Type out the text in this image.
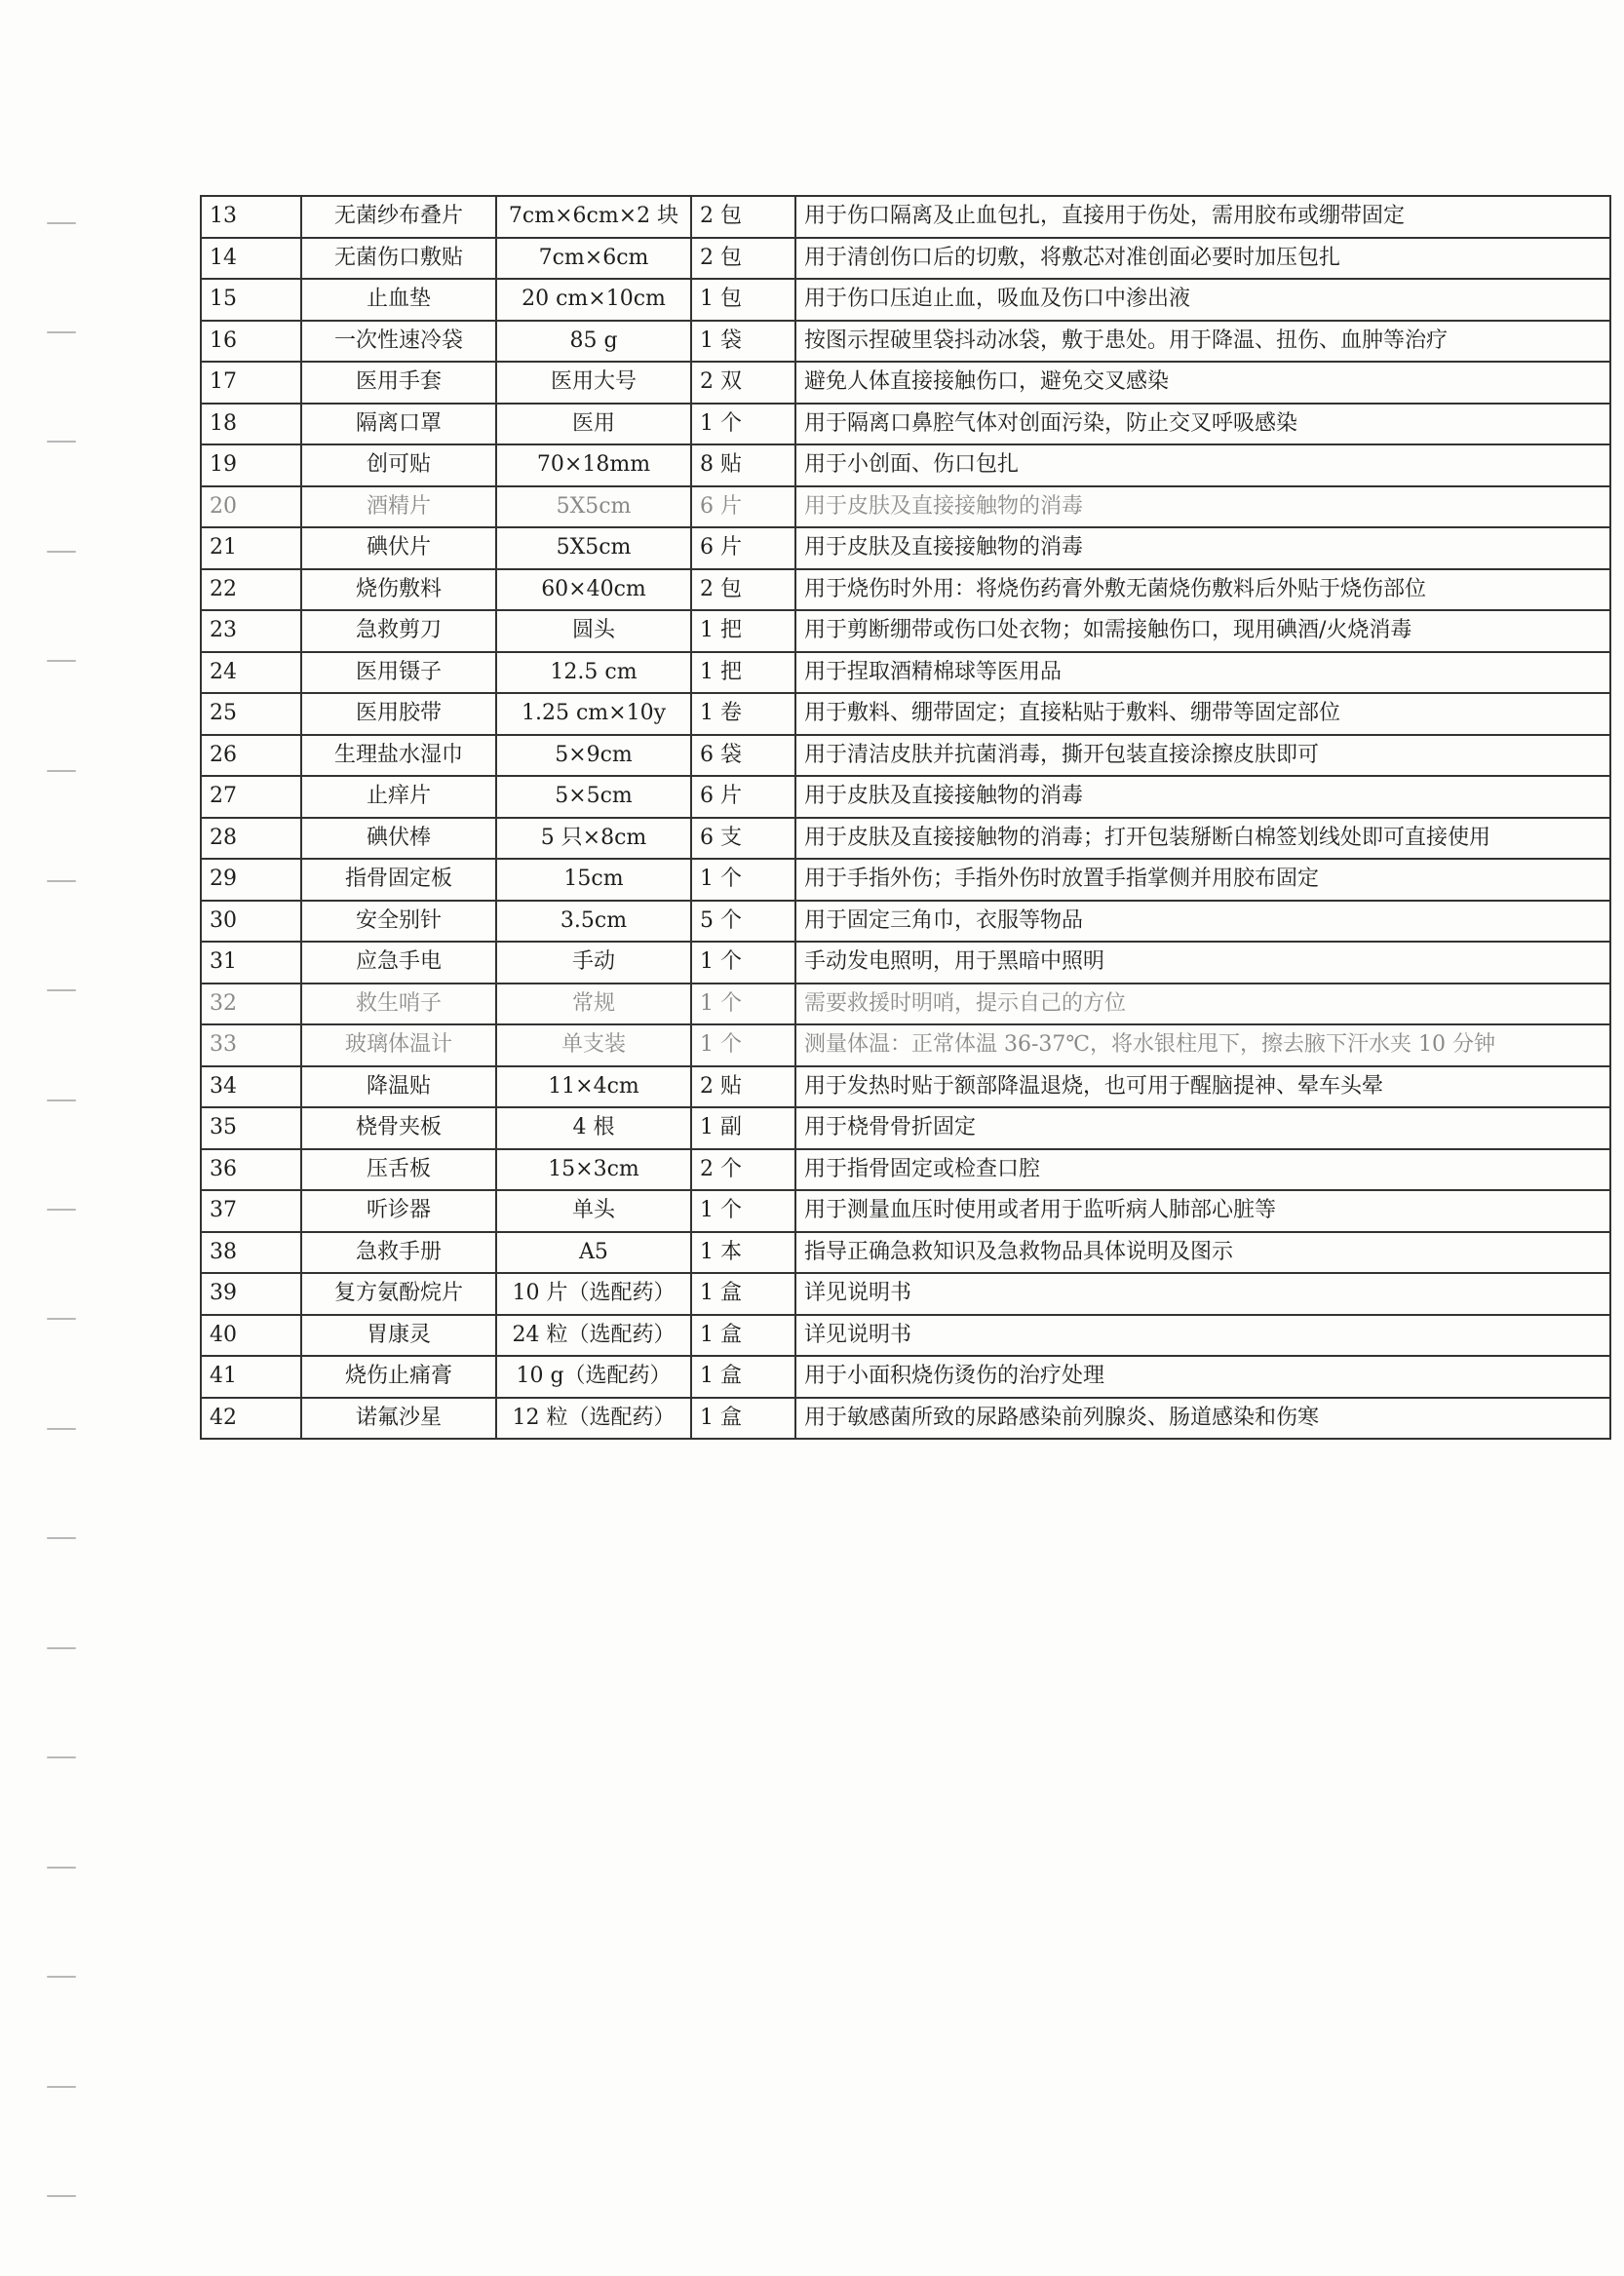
13	无菌纱布叠片	7cm×6cm×2 块	2 包	用于伤口隔离及止血包扎，直接用于伤处，需用胶布或绷带固定
14	无菌伤口敷贴	7cm×6cm	2 包	用于清创伤口后的切敷，将敷芯对准创面必要时加压包扎
15	止血垫	20 cm×10cm	1 包	用于伤口压迫止血，吸血及伤口中渗出液
16	一次性速冷袋	85 g	1 袋	按图示捏破里袋抖动冰袋，敷于患处。用于降温、扭伤、血肿等治疗
17	医用手套	医用大号	2 双	避免人体直接接触伤口，避免交叉感染
18	隔离口罩	医用	1 个	用于隔离口鼻腔气体对创面污染，防止交叉呼吸感染
19	创可贴	70×18mm	8 贴	用于小创面、伤口包扎
20	酒精片	5X5cm	6 片	用于皮肤及直接接触物的消毒
21	碘伏片	5X5cm	6 片	用于皮肤及直接接触物的消毒
22	烧伤敷料	60×40cm	2 包	用于烧伤时外用：将烧伤药膏外敷无菌烧伤敷料后外贴于烧伤部位
23	急救剪刀	圆头	1 把	用于剪断绷带或伤口处衣物；如需接触伤口，现用碘酒/火烧消毒
24	医用镊子	12.5 cm	1 把	用于捏取酒精棉球等医用品
25	医用胶带	1.25 cm×10y	1 卷	用于敷料、绷带固定；直接粘贴于敷料、绷带等固定部位
26	生理盐水湿巾	5×9cm	6 袋	用于清洁皮肤并抗菌消毒，撕开包装直接涂擦皮肤即可
27	止痒片	5×5cm	6 片	用于皮肤及直接接触物的消毒
28	碘伏棒	5 只×8cm	6 支	用于皮肤及直接接触物的消毒；打开包装掰断白棉签划线处即可直接使用
29	指骨固定板	15cm	1 个	用于手指外伤；手指外伤时放置手指掌侧并用胶布固定
30	安全别针	3.5cm	5 个	用于固定三角巾，衣服等物品
31	应急手电	手动	1 个	手动发电照明，用于黑暗中照明
32	救生哨子	常规	1 个	需要救援时明哨，提示自己的方位
33	玻璃体温计	单支装	1 个	测量体温：正常体温 36-37℃，将水银柱甩下，擦去腋下汗水夹 10 分钟
34	降温贴	11×4cm	2 贴	用于发热时贴于额部降温退烧，也可用于醒脑提神、晕车头晕
35	桡骨夹板	4 根	1 副	用于桡骨骨折固定
36	压舌板	15×3cm	2 个	用于指骨固定或检查口腔
37	听诊器	单头	1 个	用于测量血压时使用或者用于监听病人肺部心脏等
38	急救手册	A5	1 本	指导正确急救知识及急救物品具体说明及图示
39	复方氨酚烷片	10 片（选配药）	1 盒	详见说明书
40	胃康灵	24 粒（选配药）	1 盒	详见说明书
41	烧伤止痛膏	10 g（选配药）	1 盒	用于小面积烧伤烫伤的治疗处理
42	诺氟沙星	12 粒（选配药）	1 盒	用于敏感菌所致的尿路感染前列腺炎、肠道感染和伤寒
